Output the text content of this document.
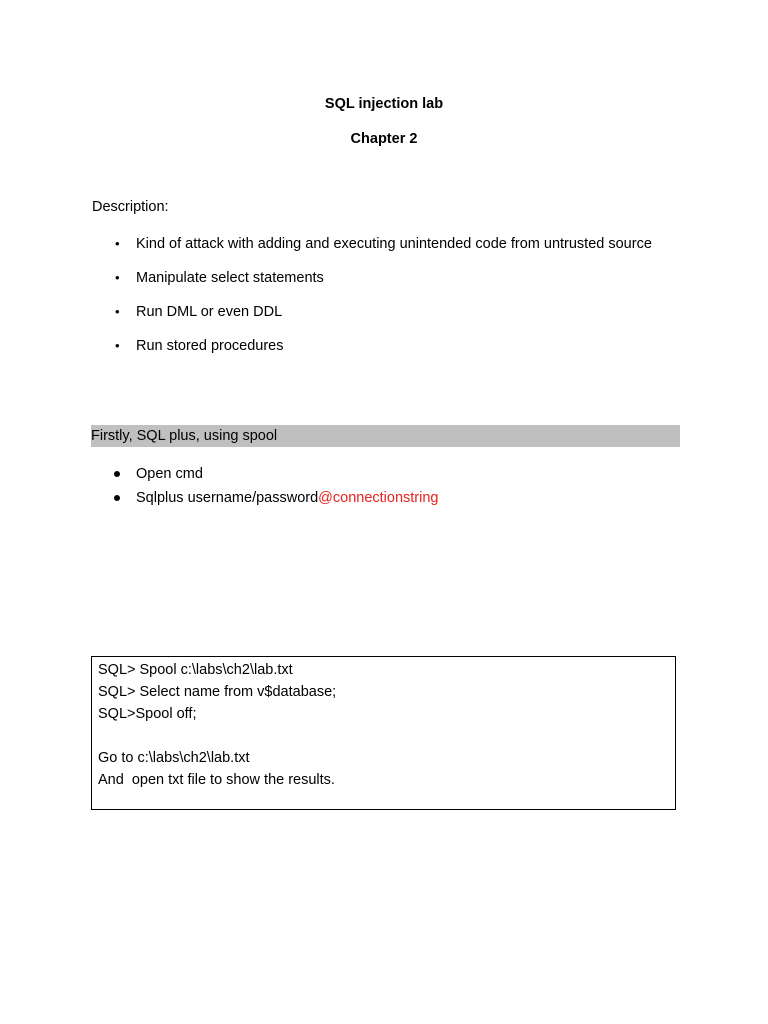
SQL injection lab
Chapter 2
Description:
• Kind of attack with adding and executing unintended code from untrusted source
• Manipulate select statements
• Run DML or even DDL
• Run stored procedures
Firstly, SQL plus, using spool
Open cmd
Sqlplus username/password@connectionstring
SQL> Spool c:\labs\ch2\lab.txt
SQL> Select name from v$database;
SQL>Spool off;
Go to c:\labs\ch2\lab.txt
And  open txt file to show the results.
